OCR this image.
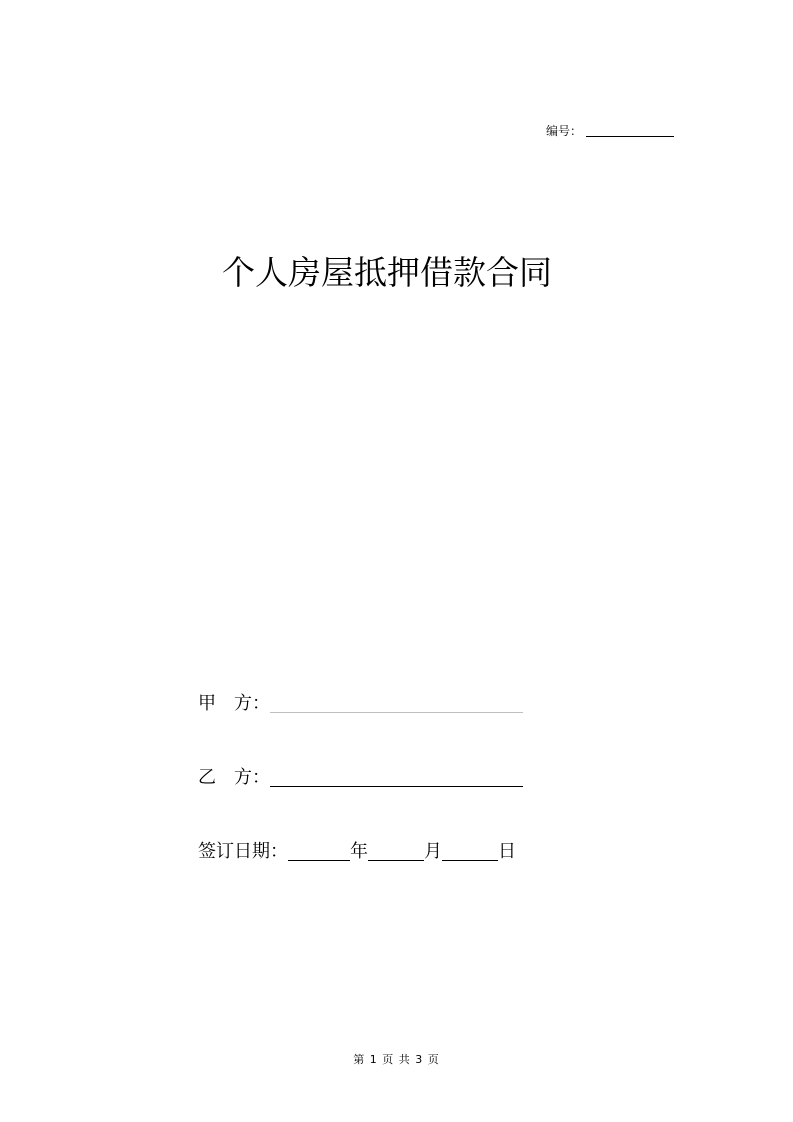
编号：
个人房屋抵押借款合同
甲　方：
乙　方：
签订日期：	年	月	日
第 1 页 共 3 页
